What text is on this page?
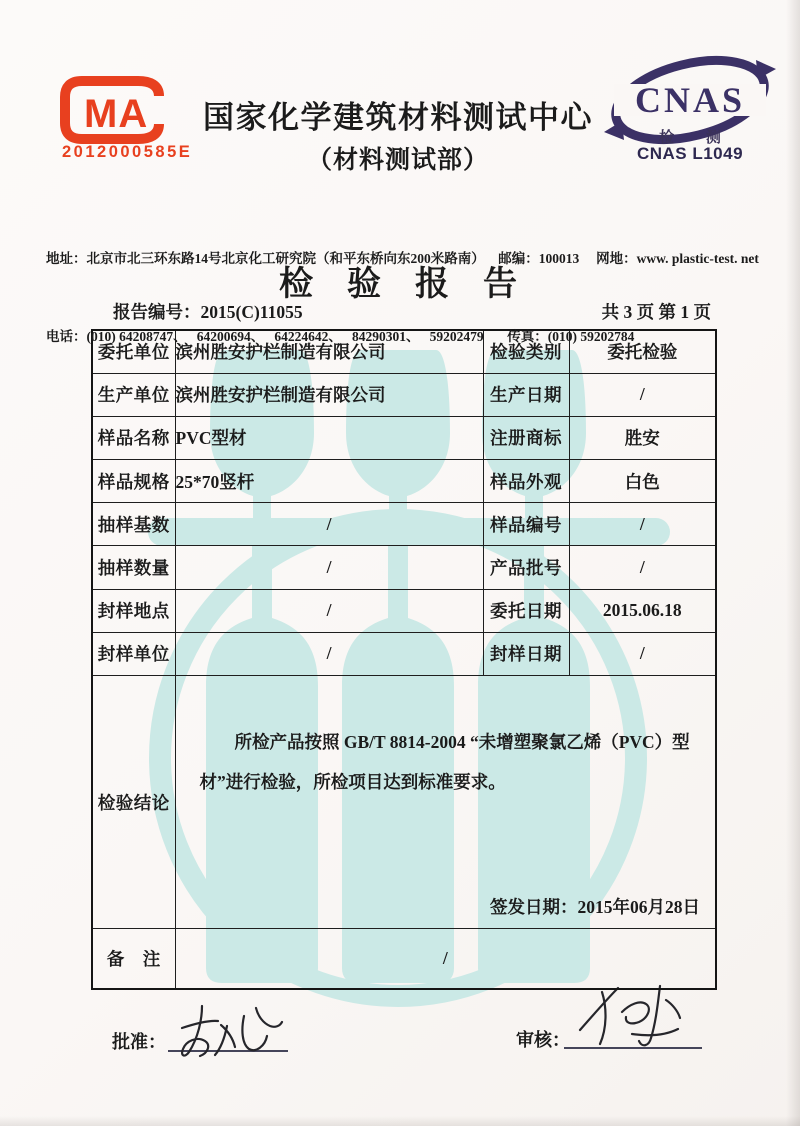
MA
2012000585E
国家化学建筑材料测试中心
（材料测试部）
CNAS
检 测
CNAS L1049

地址：北京市北三环东路14号北京化工研究院（和平东桥向东200米路南）    邮编：100013     网地：www. plastic-test. net

电话：(010) 64208747、   64200694、   64224642、   84290301、   59202479       传真：(010) 59202784

检　验　报　告
报告编号：2015(C)11055	共 3 页 第 1 页
委托单位	滨州胜安护栏制造有限公司	检验类别	委托检验
生产单位	滨州胜安护栏制造有限公司	生产日期	/
样品名称	PVC型材	注册商标	胜安
样品规格	25*70竖杆	样品外观	白色
抽样基数	/	样品编号	/
抽样数量	/	产品批号	/
封样地点	/	委托日期	2015.06.18
封样单位	/	封样日期	/
检验结论	所检产品按照 GB/T 8814-2004 “未增塑聚氯乙烯（PVC）型材”进行检验，所检项目达到标准要求。
签发日期：2015年06月28日		

备　注	/		
批准：	审核：
